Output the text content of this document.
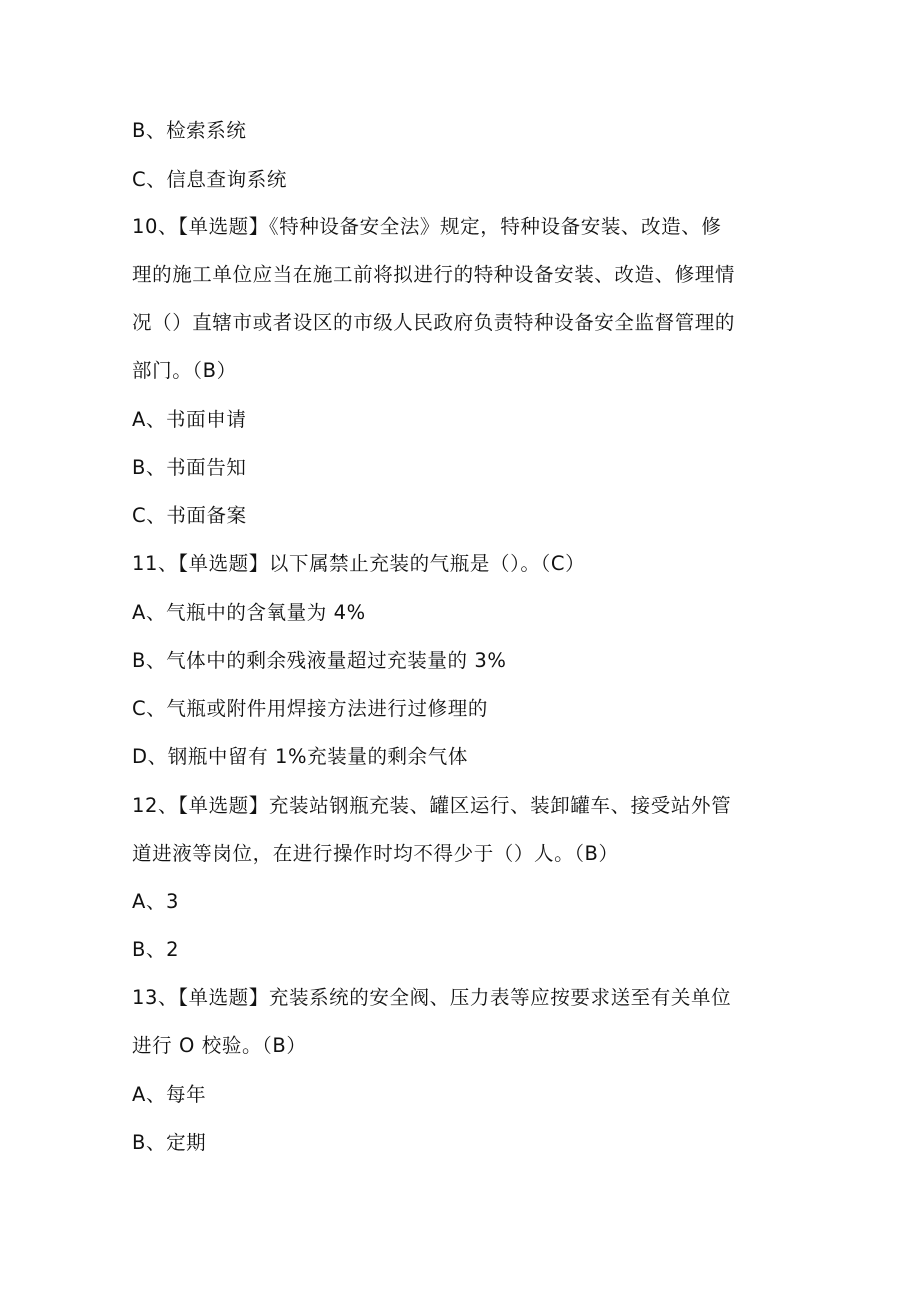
B、检索系统
C、信息查询系统
10、【单选题】《特种设备安全法》规定，特种设备安装、改造、修
理的施工单位应当在施工前将拟进行的特种设备安装、改造、修理情
况（）直辖市或者设区的市级人民政府负责特种设备安全监督管理的
部门。（B）
A、书面申请
B、书面告知
C、书面备案
11、【单选题】以下属禁止充装的气瓶是（）。（C）
A、气瓶中的含氧量为 4%
B、气体中的剩余残液量超过充装量的 3%
C、气瓶或附件用焊接方法进行过修理的
D、钢瓶中留有 1%充装量的剩余气体
12、【单选题】充装站钢瓶充装、罐区运行、装卸罐车、接受站外管
道进液等岗位，在进行操作时均不得少于（）人。（B）
A、3
B、2
13、【单选题】充装系统的安全阀、压力表等应按要求送至有关单位
进行 O 校验。（B）
A、每年
B、定期
